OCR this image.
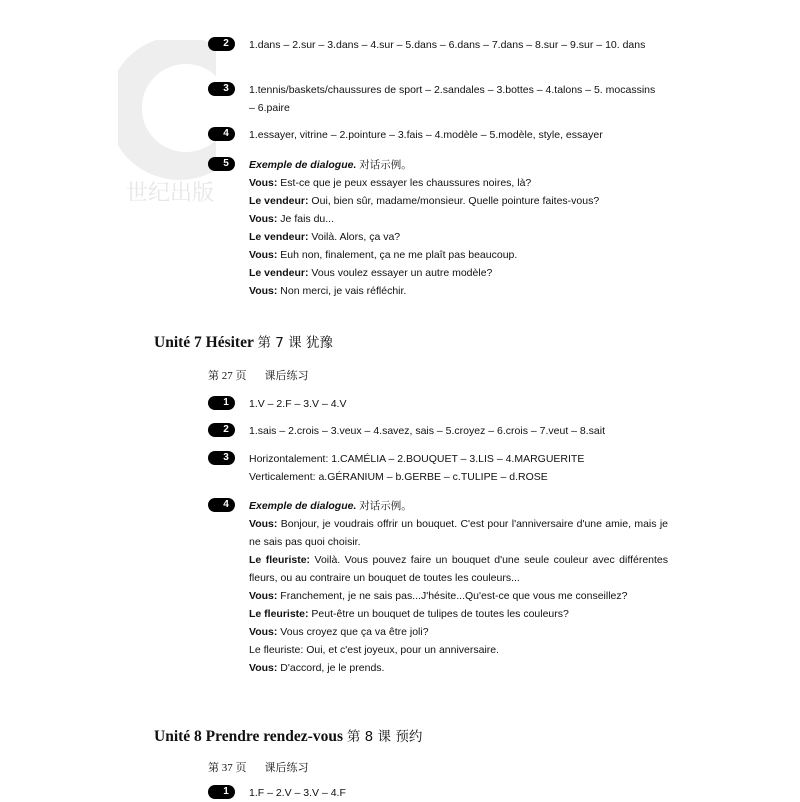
世纪出版
2	1.dans – 2.sur – 3.dans – 4.sur – 5.dans – 6.dans – 7.dans – 8.sur – 9.sur – 10. dans
3	1.tennis/baskets/chaussures de sport – 2.sandales – 3.bottes – 4.talons – 5. mocassins – 6.paire
4	1.essayer, vitrine – 2.pointure – 3.fais – 4.modèle – 5.modèle, style, essayer
5	Exemple de dialogue. 对话示例。
Vous: Est-ce que je peux essayer les chaussures noires, là?
Le vendeur: Oui, bien sûr, madame/monsieur. Quelle pointure faites-vous?
Vous: Je fais du...
Le vendeur: Voilà. Alors, ça va?
Vous: Euh non, finalement, ça ne me plaît pas beaucoup.
Le vendeur: Vous voulez essayer un autre modèle?
Vous: Non merci, je vais réfléchir.
Unité 7 Hésiter 第 7 课 犹豫
第 27 页 课后练习
1	1.V – 2.F – 3.V – 4.V
2	1.sais – 2.crois – 3.veux – 4.savez, sais – 5.croyez – 6.crois – 7.veut – 8.sait
3	Horizontalement: 1.CAMÉLIA – 2.BOUQUET – 3.LIS – 4.MARGUERITE
Verticalement: a.GÉRANIUM – b.GERBE – c.TULIPE – d.ROSE
4	Exemple de dialogue. 对话示例。
Vous: Bonjour, je voudrais offrir un bouquet. C'est pour l'anniversaire d'une amie, mais je ne sais pas quoi choisir.
Le fleuriste: Voilà. Vous pouvez faire un bouquet d'une seule couleur avec différentes fleurs, ou au contraire un bouquet de toutes les couleurs...
Vous: Franchement, je ne sais pas...J'hésite...Qu'est-ce que vous me conseillez?
Le fleuriste: Peut-être un bouquet de tulipes de toutes les couleurs?
Vous: Vous croyez que ça va être joli?
Le fleuriste: Oui, et c'est joyeux, pour un anniversaire.
Vous: D'accord, je le prends.
Unité 8 Prendre rendez-vous 第 8 课 预约
第 37 页 课后练习
1	1.F – 2.V – 3.V – 4.F
